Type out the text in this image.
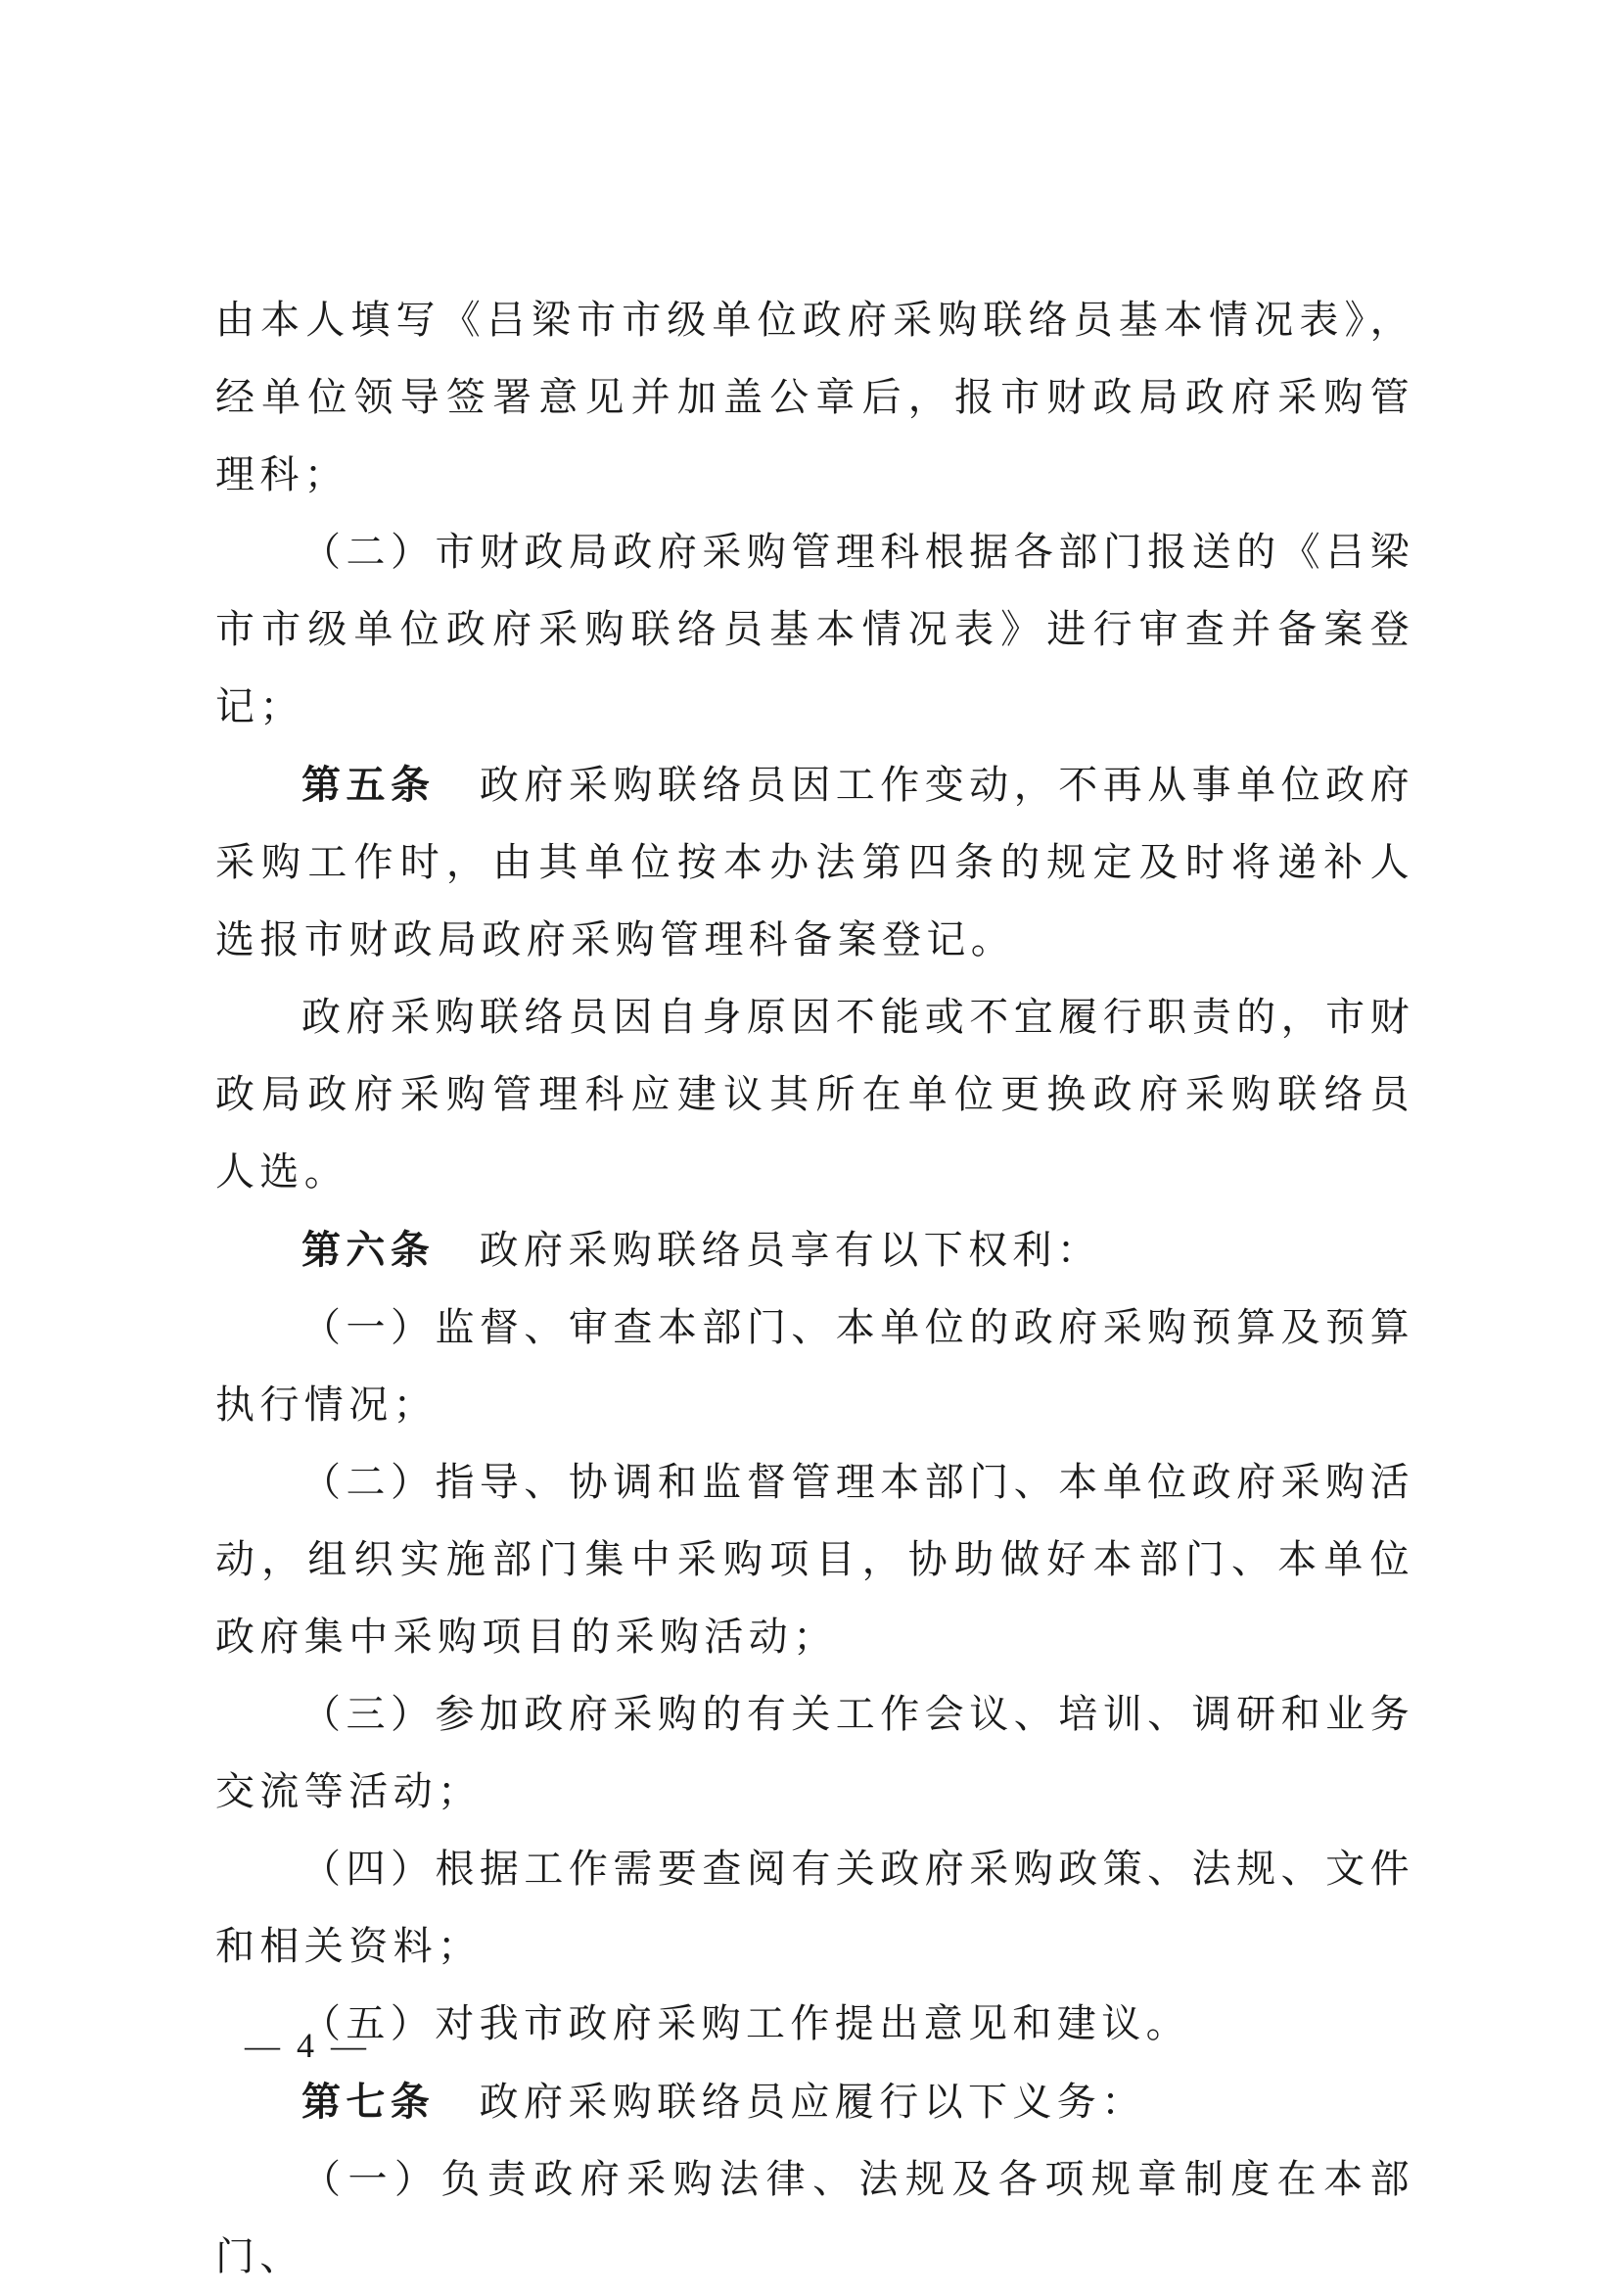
由本人填写《吕梁市市级单位政府采购联络员基本情况表》，经单位领导签署意见并加盖公章后，报市财政局政府采购管理科；

（二）市财政局政府采购管理科根据各部门报送的《吕梁市市级单位政府采购联络员基本情况表》进行审查并备案登记；

第五条　政府采购联络员因工作变动，不再从事单位政府采购工作时，由其单位按本办法第四条的规定及时将递补人选报市财政局政府采购管理科备案登记。

政府采购联络员因自身原因不能或不宜履行职责的，市财政局政府采购管理科应建议其所在单位更换政府采购联络员人选。

第六条　政府采购联络员享有以下权利：

（一）监督、审查本部门、本单位的政府采购预算及预算执行情况；

（二）指导、协调和监督管理本部门、本单位政府采购活动，组织实施部门集中采购项目，协助做好本部门、本单位政府集中采购项目的采购活动；

（三）参加政府采购的有关工作会议、培训、调研和业务交流等活动；

（四）根据工作需要查阅有关政府采购政策、法规、文件和相关资料；

（五）对我市政府采购工作提出意见和建议。

第七条　政府采购联络员应履行以下义务：

（一）负责政府采购法律、法规及各项规章制度在本部门、

— 4 —
